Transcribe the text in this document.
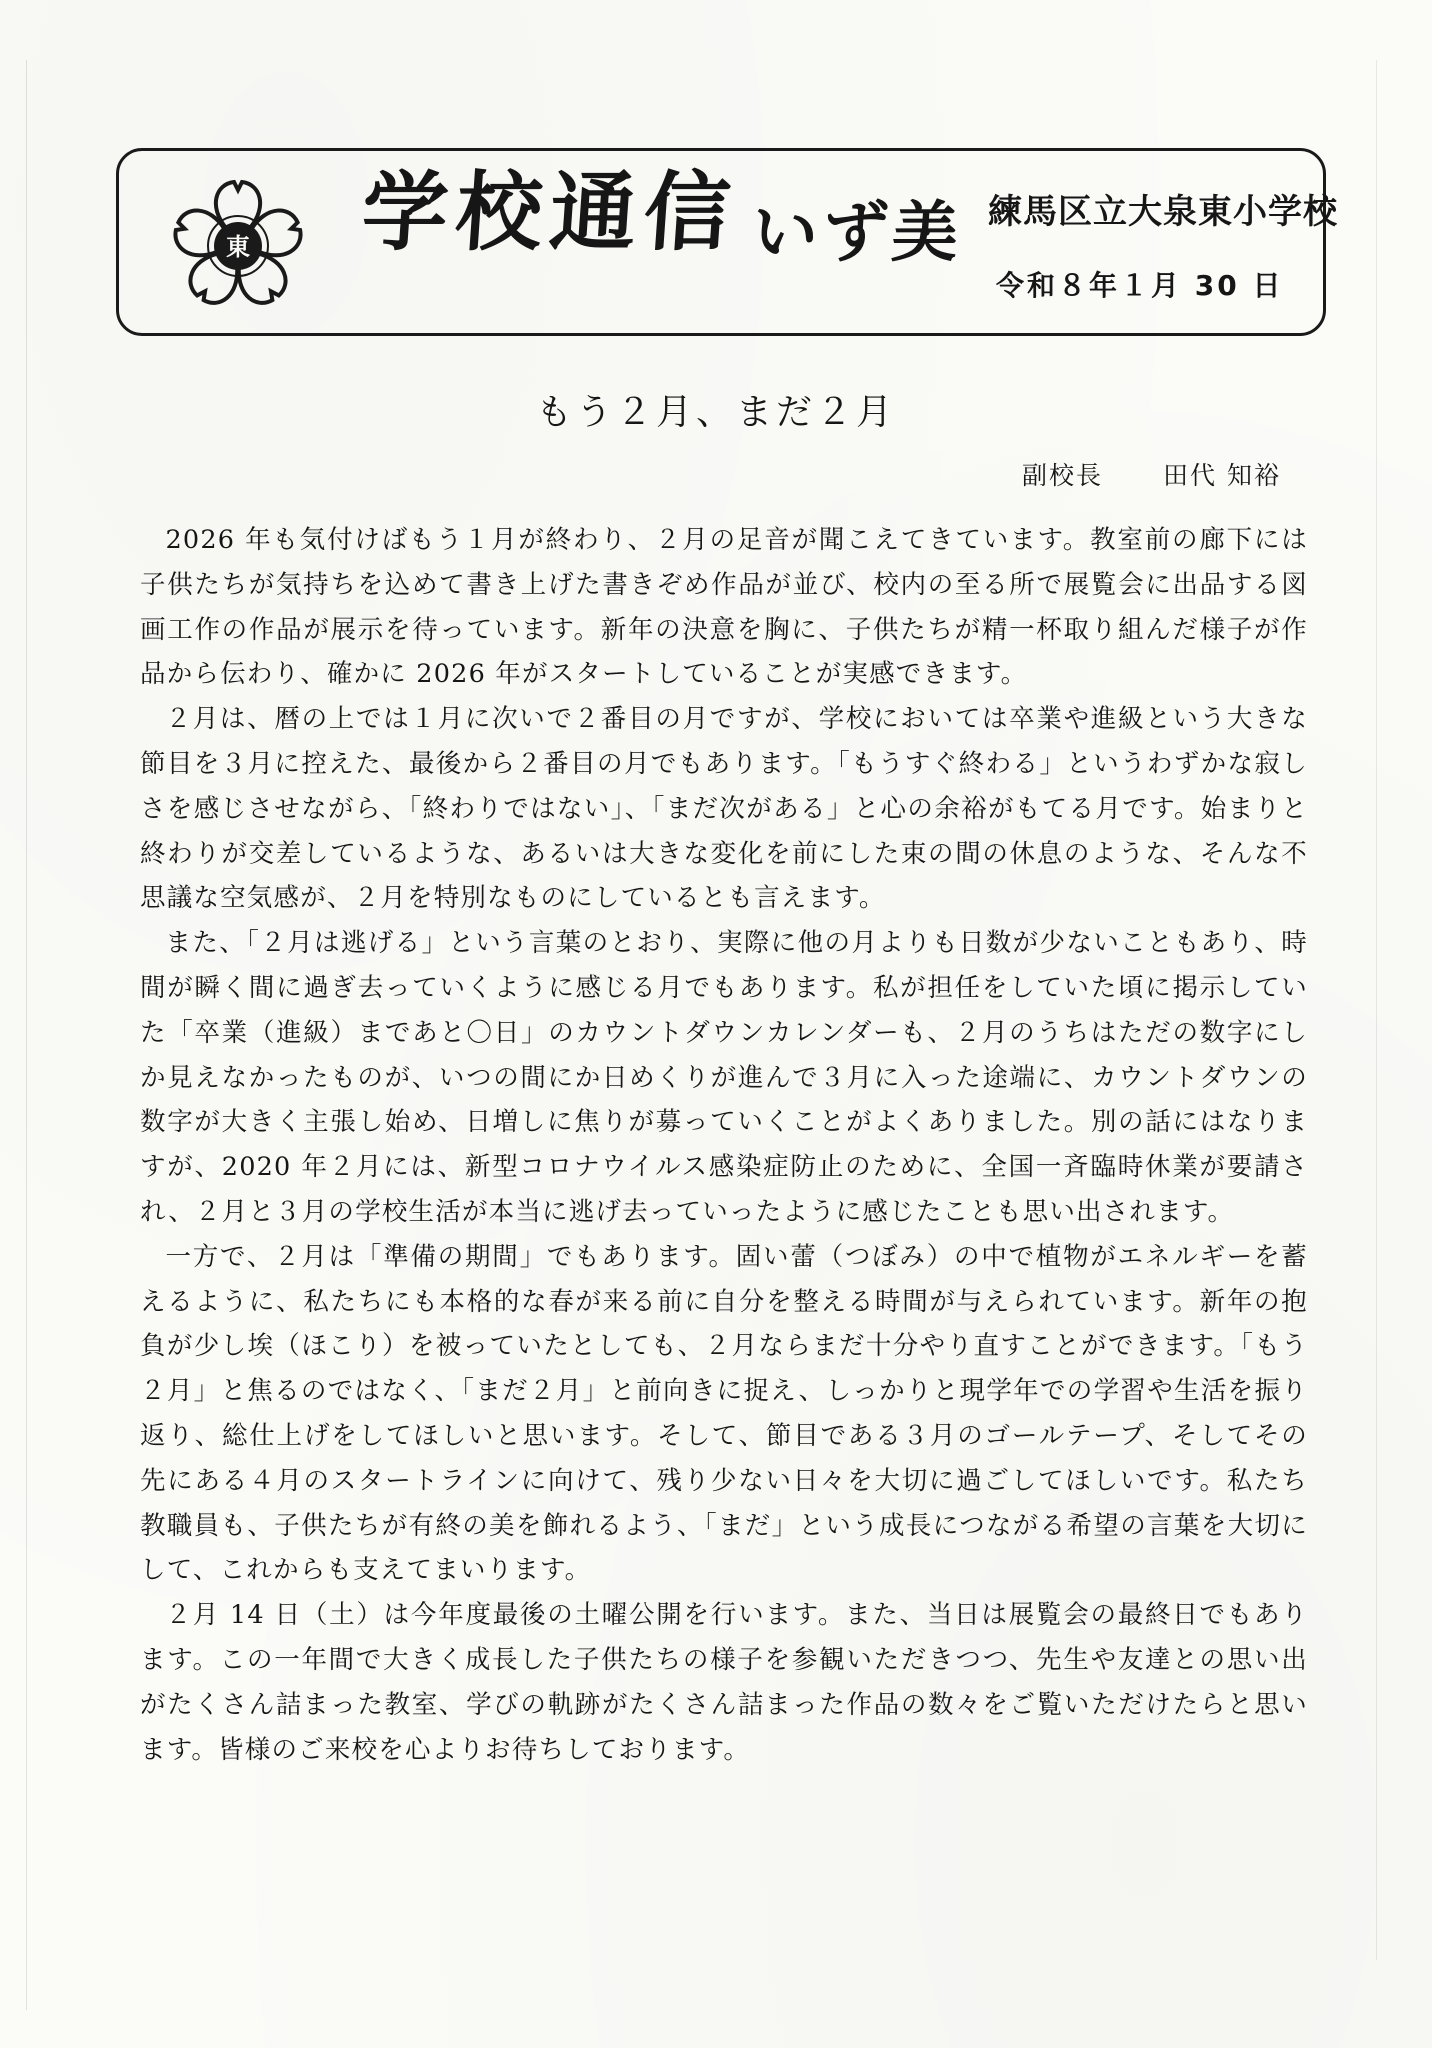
東 学校通信 いず美 練馬区立大泉東小学校
令和８年１月 30 日
もう２月、まだ２月
副校長 田代 知裕

2026 年も気付けばもう１月が終わり、２月の足音が聞こえてきています。教室前の廊下には子供たちが気持ちを込めて書き上げた書きぞめ作品が並び、校内の至る所で展覧会に出品する図画工作の作品が展示を待っています。新年の決意を胸に、子供たちが精一杯取り組んだ様子が作品から伝わり、確かに 2026 年がスタートしていることが実感できます。

２月は、暦の上では１月に次いで２番目の月ですが、学校においては卒業や進級という大きな節目を３月に控えた、最後から２番目の月でもあります。「もうすぐ終わる」というわずかな寂しさを感じさせながら、「終わりではない」、「まだ次がある」と心の余裕がもてる月です。始まりと終わりが交差しているような、あるいは大きな変化を前にした束の間の休息のような、そんな不思議な空気感が、２月を特別なものにしているとも言えます。

また、「２月は逃げる」という言葉のとおり、実際に他の月よりも日数が少ないこともあり、時間が瞬く間に過ぎ去っていくように感じる月でもあります。私が担任をしていた頃に掲示していた「卒業（進級）まであと〇日」のカウントダウンカレンダーも、２月のうちはただの数字にしか見えなかったものが、いつの間にか日めくりが進んで３月に入った途端に、カウントダウンの数字が大きく主張し始め、日増しに焦りが募っていくことがよくありました。別の話にはなりますが、2020 年２月には、新型コロナウイルス感染症防止のために、全国一斉臨時休業が要請され、２月と３月の学校生活が本当に逃げ去っていったように感じたことも思い出されます。

一方で、２月は「準備の期間」でもあります。固い蕾（つぼみ）の中で植物がエネルギーを蓄えるように、私たちにも本格的な春が来る前に自分を整える時間が与えられています。新年の抱負が少し埃（ほこり）を被っていたとしても、２月ならまだ十分やり直すことができます。「もう２月」と焦るのではなく、「まだ２月」と前向きに捉え、しっかりと現学年での学習や生活を振り返り、総仕上げをしてほしいと思います。そして、節目である３月のゴールテープ、そしてその先にある４月のスタートラインに向けて、残り少ない日々を大切に過ごしてほしいです。私たち教職員も、子供たちが有終の美を飾れるよう、「まだ」という成長につながる希望の言葉を大切にして、これからも支えてまいります。

２月 14 日（土）は今年度最後の土曜公開を行います。また、当日は展覧会の最終日でもあります。この一年間で大きく成長した子供たちの様子を参観いただきつつ、先生や友達との思い出がたくさん詰まった教室、学びの軌跡がたくさん詰まった作品の数々をご覧いただけたらと思います。皆様のご来校を心よりお待ちしております。
